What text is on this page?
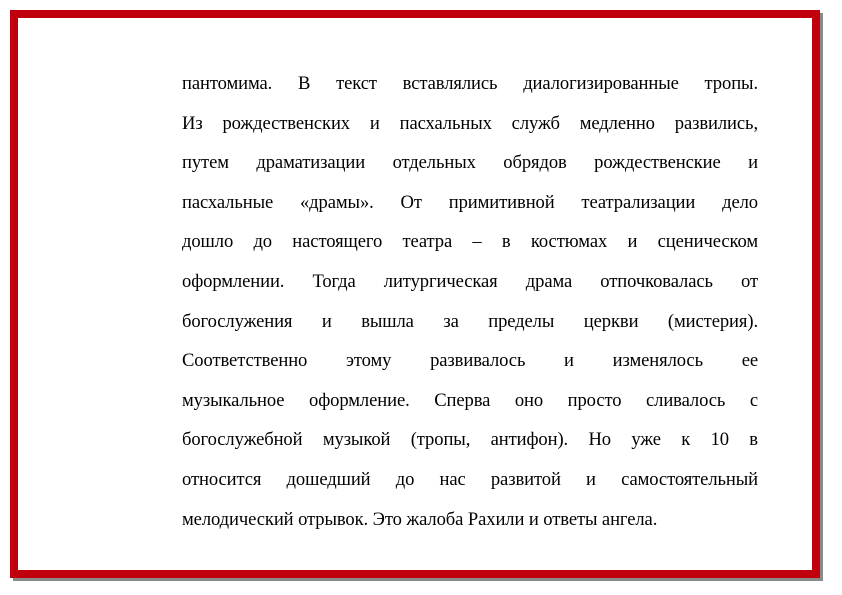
пантомима. В текст вставлялись диалогизированные тропы.
Из рождественских и пасхальных служб медленно развились,
путем драматизации отдельных обрядов рождественские и
пасхальные «драмы». От примитивной театрализации дело
дошло до настоящего театра – в костюмах и сценическом
оформлении. Тогда литургическая драма отпочковалась от
богослужения и вышла за пределы церкви (мистерия).
Соответственно этому развивалось и изменялось ее
музыкальное оформление. Сперва оно просто сливалось с
богослужебной музыкой (тропы, антифон). Но уже к 10 в
относится дошедший до нас развитой и самостоятельный
мелодический отрывок. Это жалоба Рахили и ответы ангела.
